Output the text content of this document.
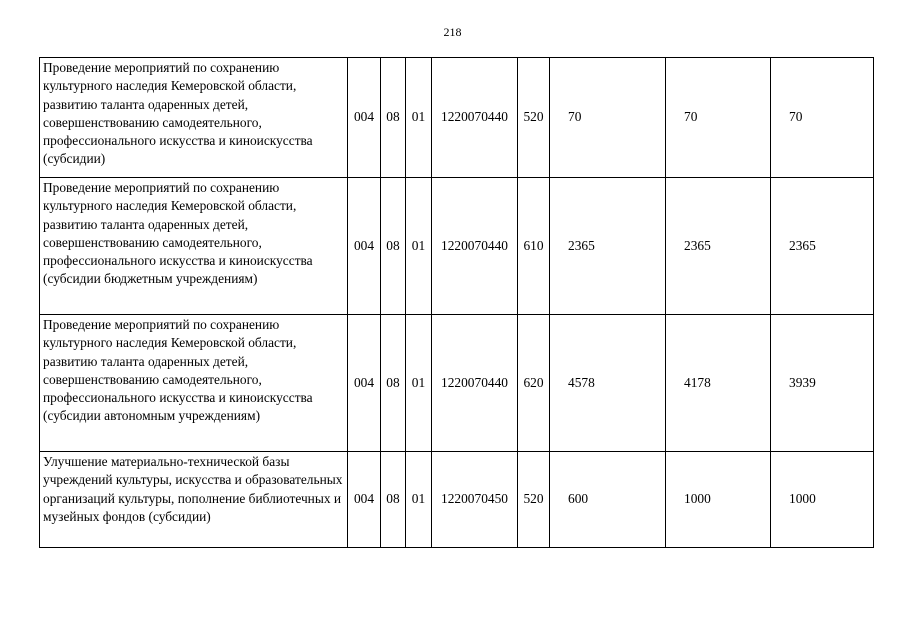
218
Проведение мероприятий по сохранению культурного наследия Кемеровской области, развитию таланта одаренных детей, совершенствованию самодеятельного, профессионального искусства и киноискусства (субсидии)	004	08	01	1220070440	520	70	70	70
Проведение мероприятий по сохранению культурного наследия Кемеровской области, развитию таланта одаренных детей, совершенствованию самодеятельного, профессионального искусства и киноискусства (субсидии бюджетным учреждениям)	004	08	01	1220070440	610	2365	2365	2365
Проведение мероприятий по сохранению культурного наследия Кемеровской области, развитию таланта одаренных детей, совершенствованию самодеятельного, профессионального искусства и киноискусства (субсидии автономным учреждениям)	004	08	01	1220070440	620	4578	4178	3939
Улучшение материально-технической базы учреждений культуры, искусства и образовательных организаций культуры, пополнение библиотечных и музейных фондов (субсидии)	004	08	01	1220070450	520	600	1000	1000
